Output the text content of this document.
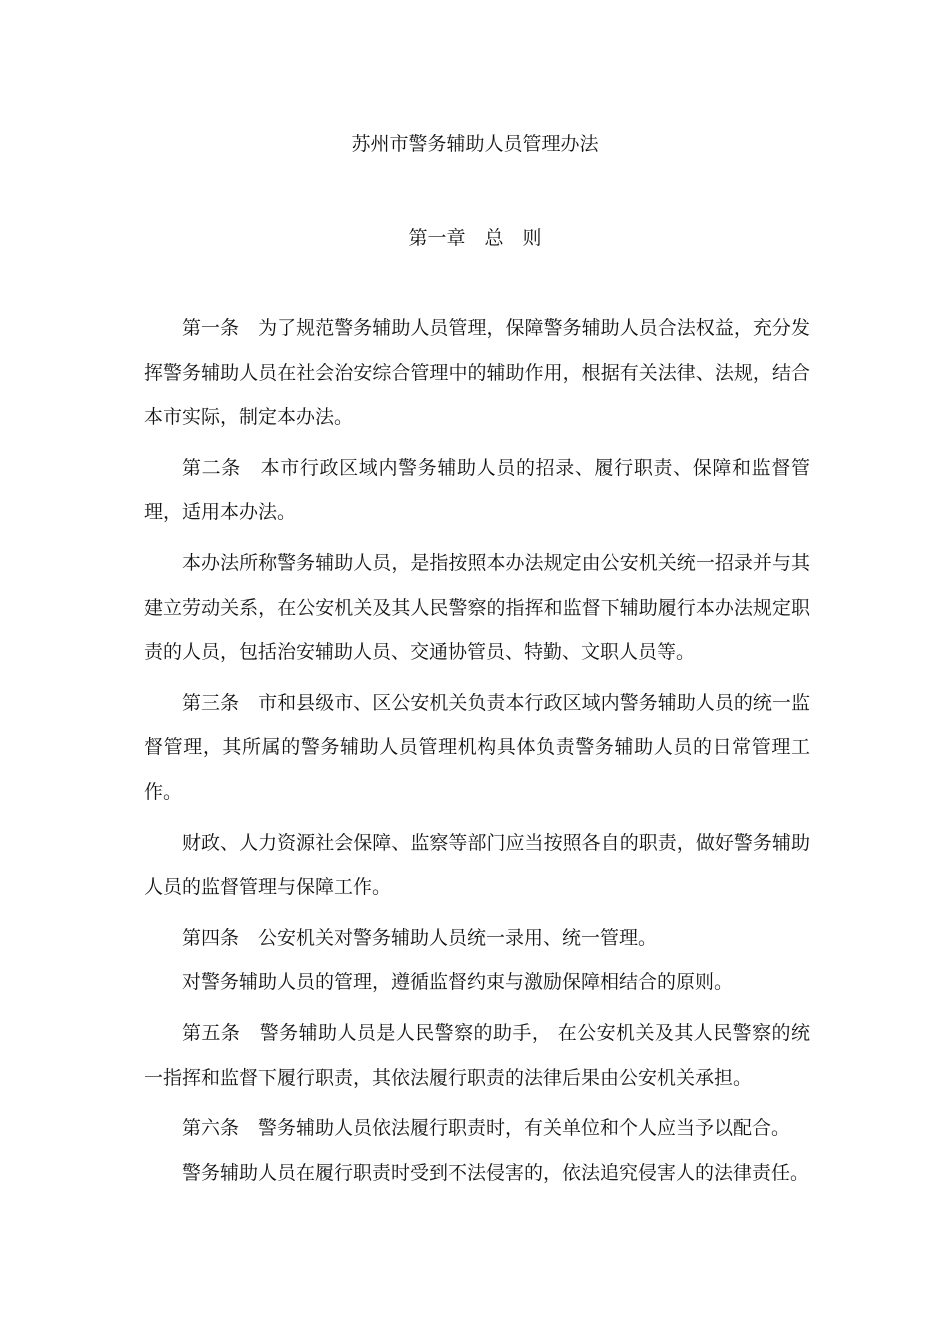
苏州市警务辅助人员管理办法
第一章　总　则

第一条　 为了规范警务辅助人员管理，保障警务辅助人员合法权益，充分发挥警务辅助人员在社会治安综合管理中的辅助作用，根据有关法律、法规，结合本市实际，制定本办法。

第二条　 本市行政区域内警务辅助人员的招录、履行职责、保障和监督管理，适用本办法。

本办法所称警务辅助人员，是指按照本办法规定由公安机关统一招录并与其建立劳动关系，在公安机关及其人民警察的指挥和监督下辅助履行本办法规定职责的人员，包括治安辅助人员、交通协管员、特勤、文职人员等。

第三条　 市和县级市、区公安机关负责本行政区域内警务辅助人员的统一监督管理，其所属的警务辅助人员管理机构具体负责警务辅助人员的日常管理工作。

财政、人力资源社会保障、监察等部门应当按照各自的职责，做好警务辅助人员的监督管理与保障工作。

第四条　 公安机关对警务辅助人员统一录用、统一管理。

对警务辅助人员的管理，遵循监督约束与激励保障相结合的原则。

第五条　 警务辅助人员是人民警察的助手， 在公安机关及其人民警察的统一指挥和监督下履行职责，其依法履行职责的法律后果由公安机关承担。

第六条　 警务辅助人员依法履行职责时，有关单位和个人应当予以配合。

警务辅助人员在履行职责时受到不法侵害的，依法追究侵害人的法律责任。
